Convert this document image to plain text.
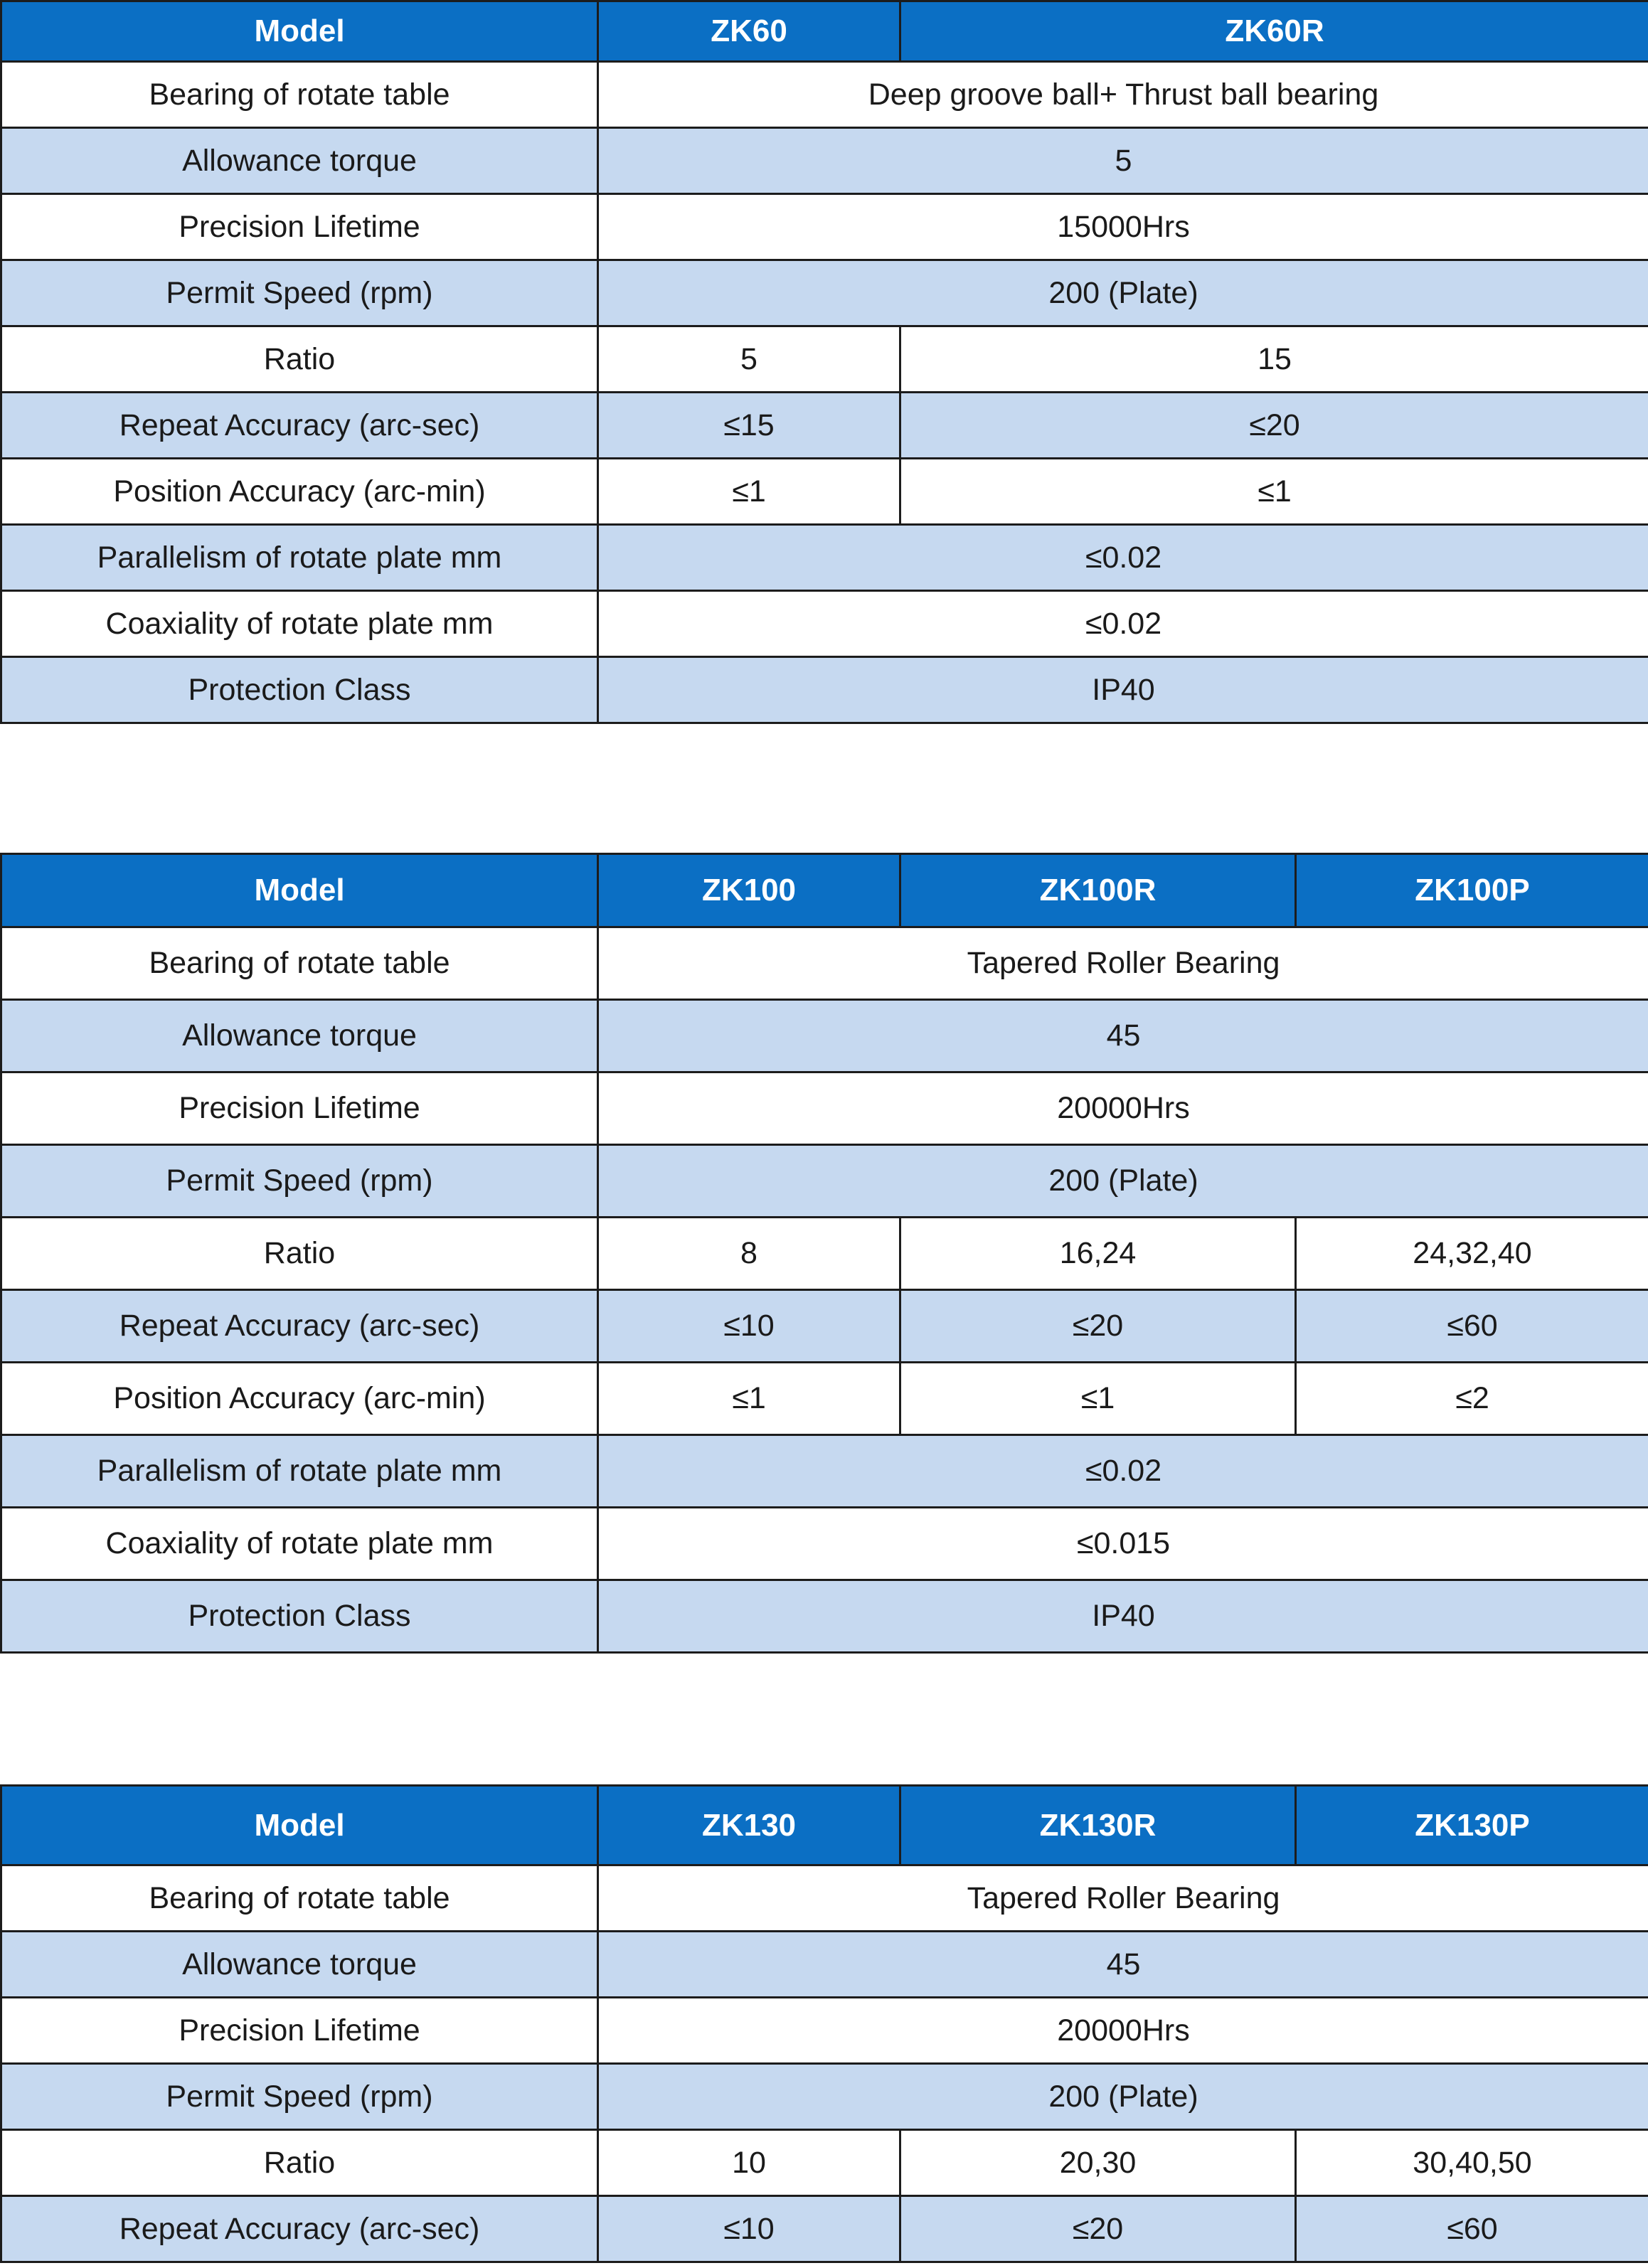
Model	ZK60	ZK60R
Bearing of rotate table	Deep groove ball+ Thrust ball bearing	
Allowance torque	5	
Precision Lifetime	15000Hrs	
Permit Speed (rpm)	200 (Plate)	
Ratio	5	15
Repeat Accuracy (arc-sec)	≤15	≤20
Position Accuracy (arc-min)	≤1	≤1
Parallelism of rotate plate mm	≤0.02	
Coaxiality of rotate plate mm	≤0.02	
Protection Class	IP40	
Model	ZK100	ZK100R	ZK100P
Bearing of rotate table	Tapered Roller Bearing		
Allowance torque	45		
Precision Lifetime	20000Hrs		
Permit Speed (rpm)	200 (Plate)		
Ratio	8	16,24	24,32,40
Repeat Accuracy (arc-sec)	≤10	≤20	≤60
Position Accuracy (arc-min)	≤1	≤1	≤2
Parallelism of rotate plate mm	≤0.02		
Coaxiality of rotate plate mm	≤0.015		
Protection Class	IP40		
Model	ZK130	ZK130R	ZK130P
Bearing of rotate table	Tapered Roller Bearing		
Allowance torque	45		
Precision Lifetime	20000Hrs		
Permit Speed (rpm)	200 (Plate)		
Ratio	10	20,30	30,40,50
Repeat Accuracy (arc-sec)	≤10	≤20	≤60
